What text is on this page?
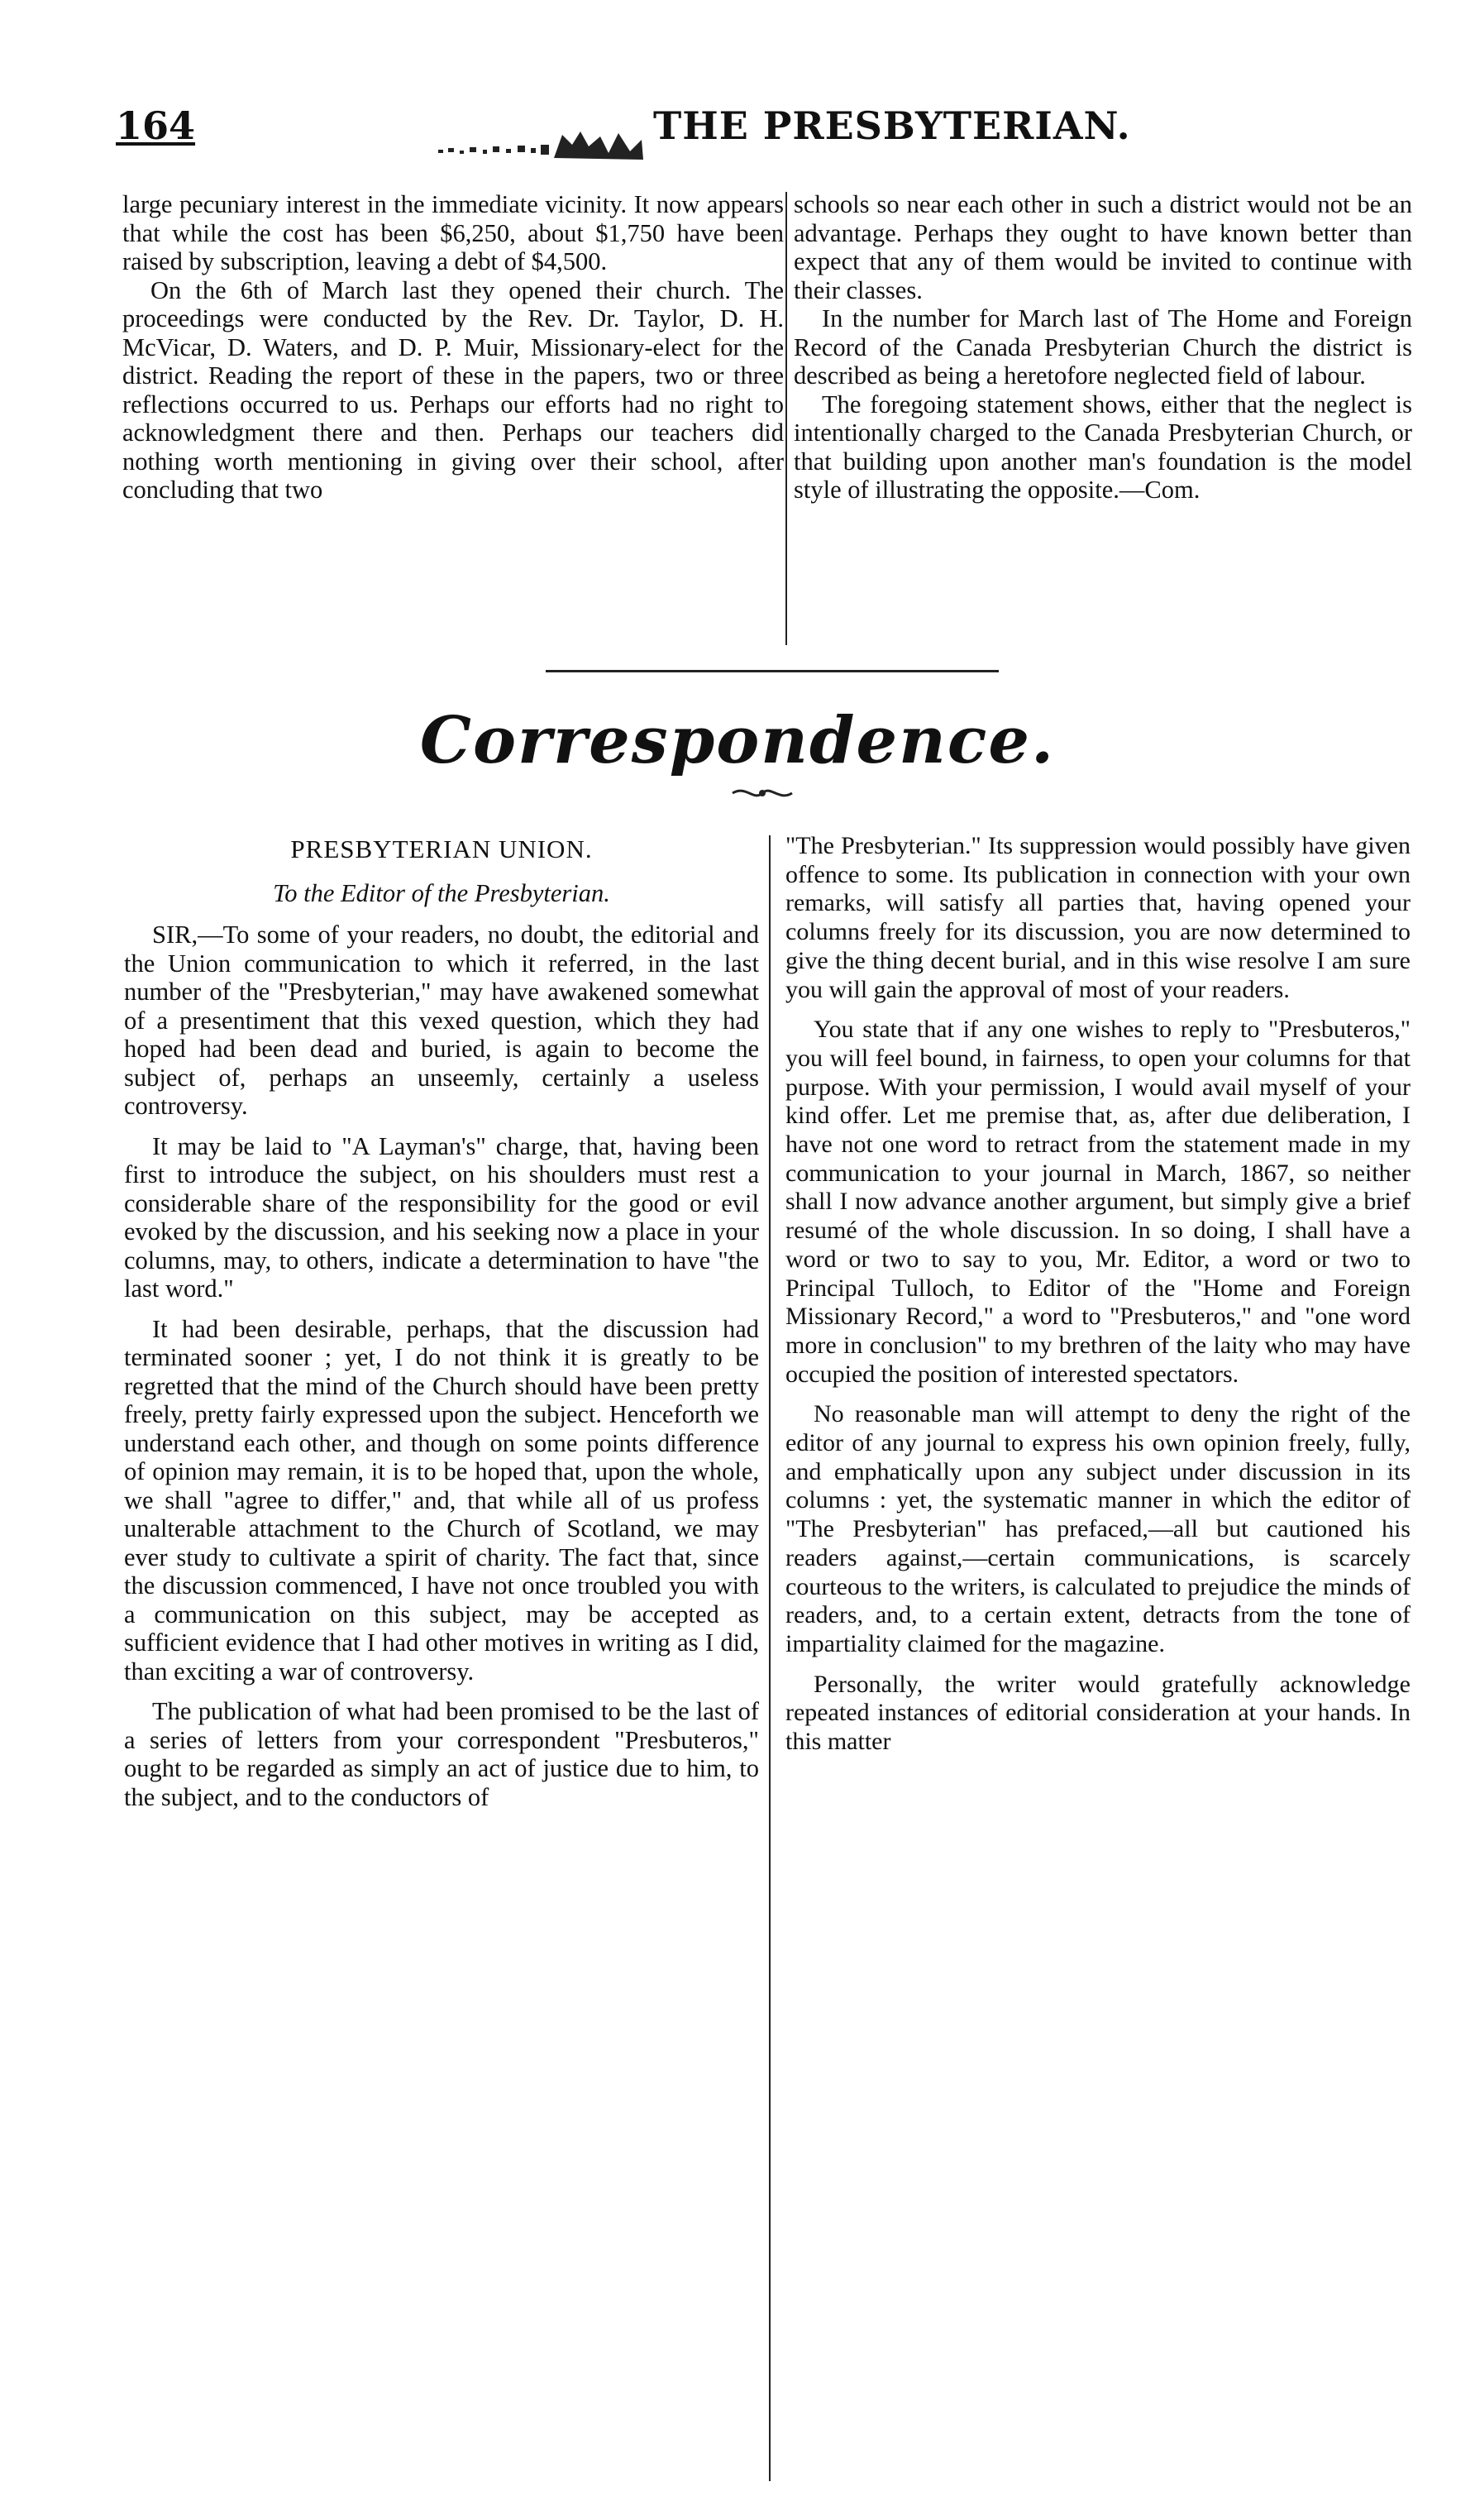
164	THE PRESBYTERIAN.

large pecuniary interest in the immediate vicinity. It now appears that while the cost has been $6,250, about $1,750 have been raised by subscription, leaving a debt of $4,500.

On the 6th of March last they opened their church. The proceedings were conducted by the Rev. Dr. Taylor, D. H. McVicar, D. Waters, and D. P. Muir, Missionary-elect for the district. Reading the report of these in the papers, two or three reflections occurred to us. Perhaps our efforts had no right to acknowledgment there and then. Perhaps our teachers did nothing worth mentioning in giving over their school, after concluding that two

schools so near each other in such a district would not be an advantage. Perhaps they ought to have known better than expect that any of them would be invited to continue with their classes.

In the number for March last of The Home and Foreign Record of the Canada Presbyterian Church the district is described as being a heretofore neglected field of labour.

The foregoing statement shows, either that the neglect is intentionally charged to the Canada Presbyterian Church, or that building upon another man's foundation is the model style of illustrating the opposite.—Com.

Correspondence.

PRESBYTERIAN UNION.

To the Editor of the Presbyterian.

SIR,—To some of your readers, no doubt, the editorial and the Union communication to which it referred, in the last number of the "Presbyterian," may have awakened somewhat of a presentiment that this vexed question, which they had hoped had been dead and buried, is again to become the subject of, perhaps an unseemly, certainly a useless controversy.

It may be laid to "A Layman's" charge, that, having been first to introduce the subject, on his shoulders must rest a considerable share of the responsibility for the good or evil evoked by the discussion, and his seeking now a place in your columns, may, to others, indicate a determination to have "the last word."

It had been desirable, perhaps, that the discussion had terminated sooner ; yet, I do not think it is greatly to be regretted that the mind of the Church should have been pretty freely, pretty fairly expressed upon the subject. Henceforth we understand each other, and though on some points difference of opinion may remain, it is to be hoped that, upon the whole, we shall "agree to differ," and, that while all of us profess unalterable attachment to the Church of Scotland, we may ever study to cultivate a spirit of charity. The fact that, since the discussion commenced, I have not once troubled you with a communication on this subject, may be accepted as sufficient evidence that I had other motives in writing as I did, than exciting a war of controversy.

The publication of what had been promised to be the last of a series of letters from your correspondent "Presbuteros," ought to be regarded as simply an act of justice due to him, to the subject, and to the conductors of

"The Presbyterian." Its suppression would possibly have given offence to some. Its publication in connection with your own remarks, will satisfy all parties that, having opened your columns freely for its discussion, you are now determined to give the thing decent burial, and in this wise resolve I am sure you will gain the approval of most of your readers.

You state that if any one wishes to reply to "Presbuteros," you will feel bound, in fairness, to open your columns for that purpose. With your permission, I would avail myself of your kind offer. Let me premise that, as, after due deliberation, I have not one word to retract from the statement made in my communication to your journal in March, 1867, so neither shall I now advance another argument, but simply give a brief resumé of the whole discussion. In so doing, I shall have a word or two to say to you, Mr. Editor, a word or two to Principal Tulloch, to Editor of the "Home and Foreign Missionary Record," a word to "Presbuteros," and "one word more in conclusion" to my brethren of the laity who may have occupied the position of interested spectators.

No reasonable man will attempt to deny the right of the editor of any journal to express his own opinion freely, fully, and emphatically upon any subject under discussion in its columns : yet, the systematic manner in which the editor of "The Presbyterian" has prefaced,—all but cautioned his readers against,—certain communications, is scarcely courteous to the writers, is calculated to prejudice the minds of readers, and, to a certain extent, detracts from the tone of impartiality claimed for the magazine.

Personally, the writer would gratefully acknowledge repeated instances of editorial consideration at your hands. In this matter
